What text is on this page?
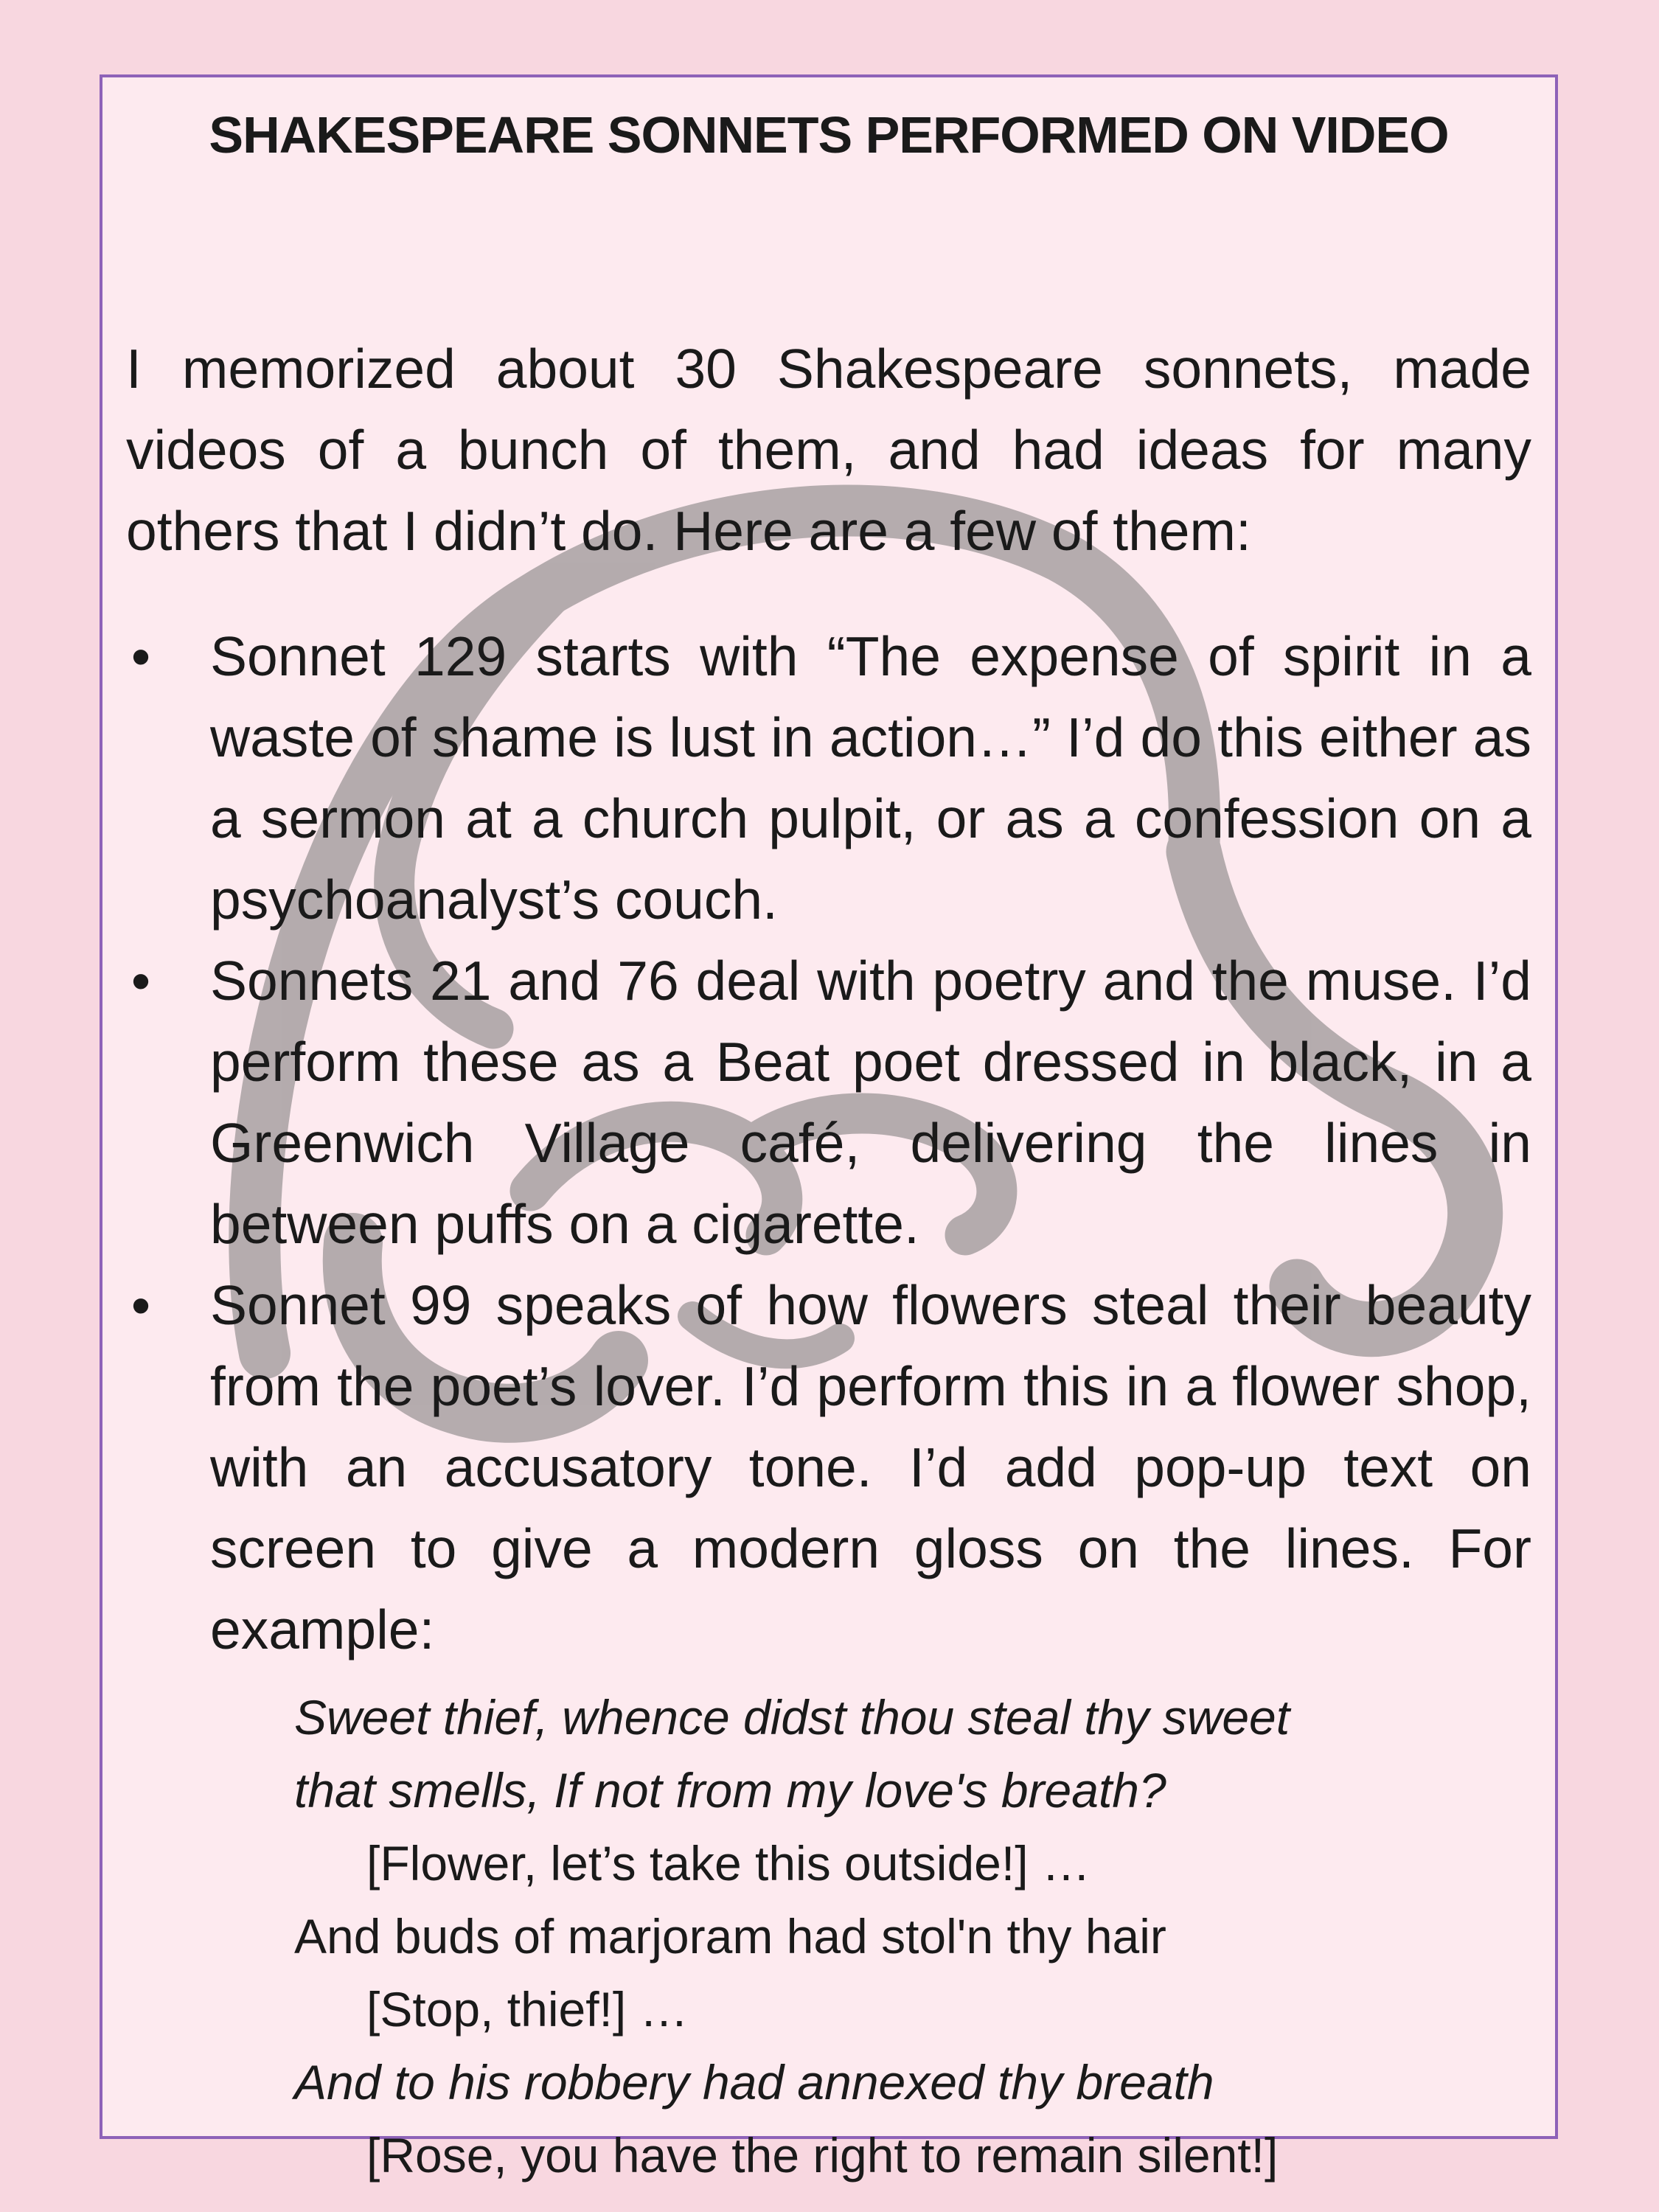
SHAKESPEARE SONNETS PERFORMED ON VIDEO

I memorized about 30 Shakespeare sonnets, made videos of a bunch of them, and had ideas for many others that I didn’t do. Here are a few of them:

• Sonnet 129 starts with “The expense of spirit in a waste of shame is lust in action…” I’d do this either as a sermon at a church pulpit, or as a confession on a psychoanalyst’s couch.
• Sonnets 21 and 76 deal with poetry and the muse. I’d perform these as a Beat poet dressed in black, in a Greenwich Village café, delivering the lines in between puffs on a cigarette.
• Sonnet 99 speaks of how flowers steal their beauty from the poet’s lover. I’d perform this in a flower shop, with an accusatory tone. I’d add pop-up text on screen to give a modern gloss on the lines. For example:
Sweet thief, whence didst thou steal thy sweet
that smells, If not from my love's breath?
[Flower, let’s take this outside!] …
And buds of marjoram had stol'n thy hair
[Stop, thief!] …
And to his robbery had annexed thy breath
[Rose, you have the right to remain silent!]
